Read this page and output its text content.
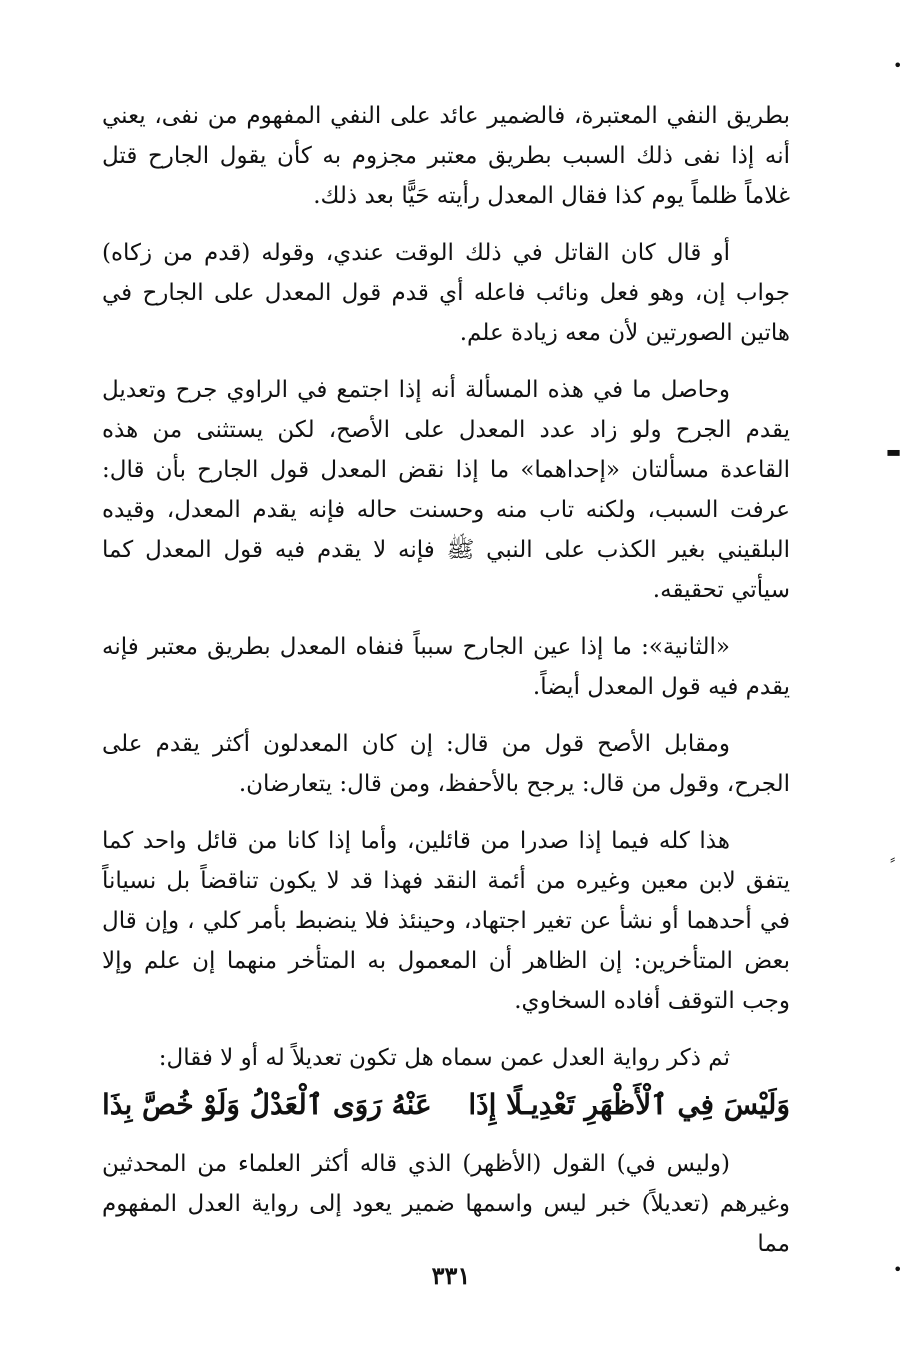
بطريق النفي المعتبرة، فالضمير عائد على النفي المفهوم من نفى، يعني أنه إذا نفى ذلك السبب بطريق معتبر مجزوم به كأن يقول الجارح قتل غلاماً ظلماً يوم كذا فقال المعدل رأيته حَيًّا بعد ذلك.

أو قال كان القاتل في ذلك الوقت عندي، وقوله (قدم من زكاه) جواب إن، وهو فعل ونائب فاعله أي قدم قول المعدل على الجارح في هاتين الصورتين لأن معه زيادة علم.

وحاصل ما في هذه المسألة أنه إذا اجتمع في الراوي جرح وتعديل يقدم الجرح ولو زاد عدد المعدل على الأصح، لكن يستثنى من هذه القاعدة مسألتان «إحداهما» ما إذا نقض المعدل قول الجارح بأن قال: عرفت السبب، ولكنه تاب منه وحسنت حاله فإنه يقدم المعدل، وقيده البلقيني بغير الكذب على النبي ﷺ فإنه لا يقدم فيه قول المعدل كما سيأتي تحقيقه.

«الثانية»: ما إذا عين الجارح سبباً فنفاه المعدل بطريق معتبر فإنه يقدم فيه قول المعدل أيضاً.

ومقابل الأصح قول من قال: إن كان المعدلون أكثر يقدم على الجرح، وقول من قال: يرجح بالأحفظ، ومن قال: يتعارضان.

هذا كله فيما إذا صدرا من قائلين، وأما إذا كانا من قائل واحد كما يتفق لابن معين وغيره من أئمة النقد فهذا قد لا يكون تناقضاً بل نسياناً في أحدهما أو نشأ عن تغير اجتهاد، وحينئذ فلا ينضبط بأمر كلي ، وإن قال بعض المتأخرين: إن الظاهر أن المعمول به المتأخر منهما إن علم وإلا وجب التوقف أفاده السخاوي.

ثم ذكر رواية العدل عمن سماه هل تكون تعديلاً له أو لا فقال:

وَلَيْسَ فِي ٱلْأَظْهَرِ تَعْدِيـلًا إِذَا
عَنْهُ رَوَى ٱلْعَدْلُ وَلَوْ خُصَّ بِذَا

(وليس في) القول (الأظهر) الذي قاله أكثر العلماء من المحدثين وغيرهم (تعديلاً) خبر ليس واسمها ضمير يعود إلى رواية العدل المفهوم مما

٣٣١
•
▬
⸗
•
